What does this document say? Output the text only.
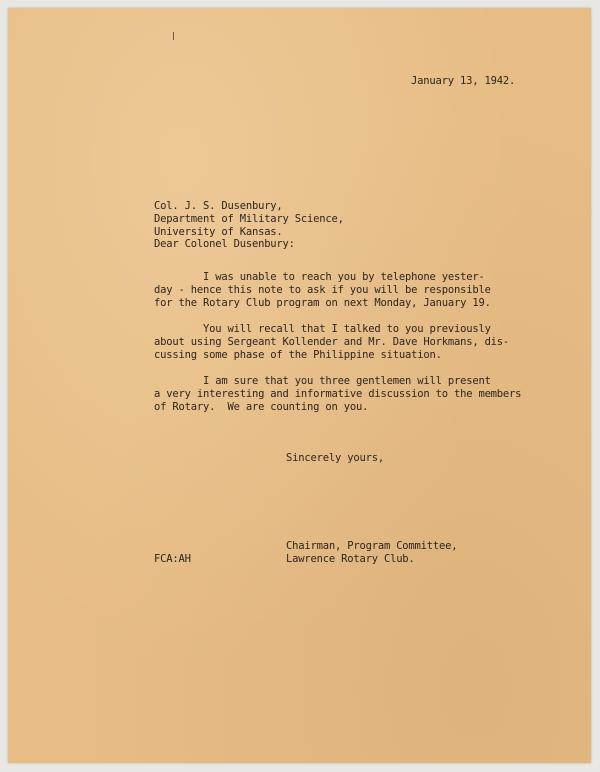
January 13, 1942.
Col. J. S. Dusenbury,
Department of Military Science,
University of Kansas.
Dear Colonel Dusenbury:
I was unable to reach you by telephone yester-
day - hence this note to ask if you will be responsible
for the Rotary Club program on next Monday, January 19.
You will recall that I talked to you previously
about using Sergeant Kollender and Mr. Dave Horkmans, dis-
cussing some phase of the Philippine situation.
I am sure that you three gentlemen will present
a very interesting and informative discussion to the members
of Rotary.  We are counting on you.
Sincerely yours,
Chairman, Program Committee,
Lawrence Rotary Club.
FCA:AH
